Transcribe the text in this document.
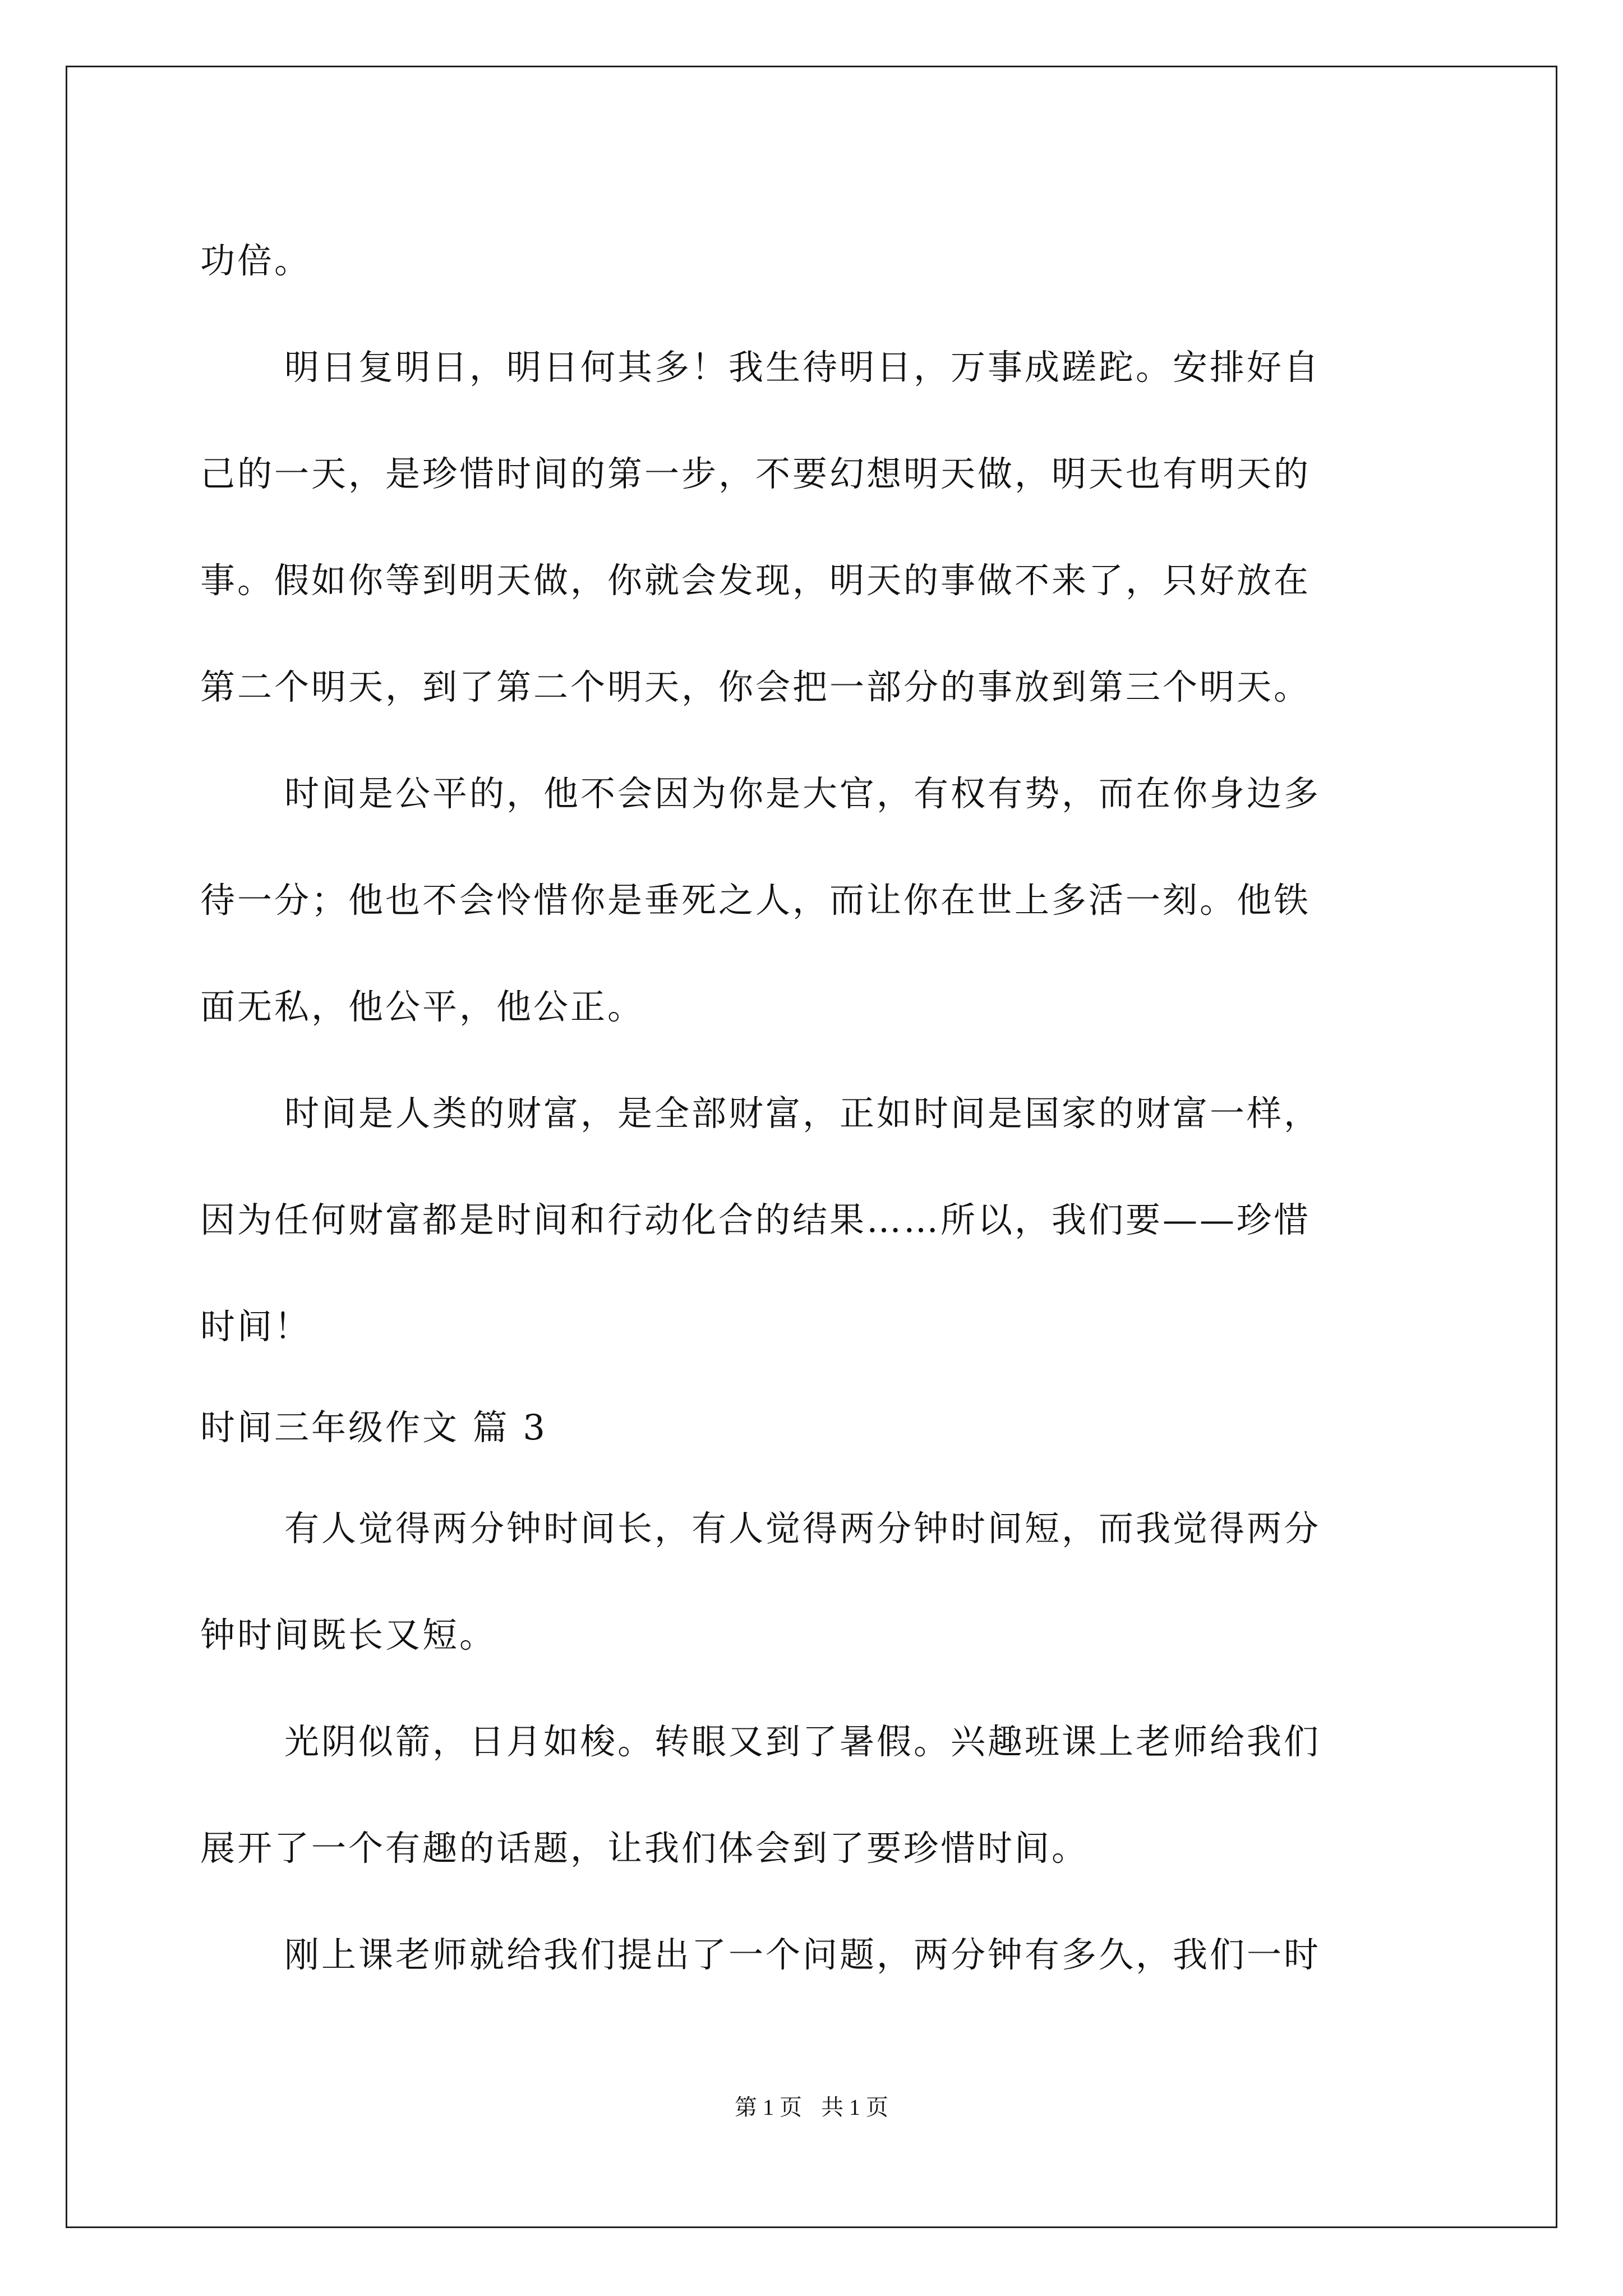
功倍。
明日复明日，明日何其多！我生待明日，万事成蹉跎。安排好自
己的一天，是珍惜时间的第一步，不要幻想明天做，明天也有明天的
事。假如你等到明天做，你就会发现，明天的事做不来了，只好放在
第二个明天，到了第二个明天，你会把一部分的事放到第三个明天。
时间是公平的，他不会因为你是大官，有权有势，而在你身边多
待一分；他也不会怜惜你是垂死之人，而让你在世上多活一刻。他铁
面无私，他公平，他公正。
时间是人类的财富，是全部财富，正如时间是国家的财富一样，
因为任何财富都是时间和行动化合的结果……所以，我们要——珍惜
时间！
时间三年级作文 篇 3
有人觉得两分钟时间长，有人觉得两分钟时间短，而我觉得两分
钟时间既长又短。
光阴似箭，日月如梭。转眼又到了暑假。兴趣班课上老师给我们
展开了一个有趣的话题，让我们体会到了要珍惜时间。
刚上课老师就给我们提出了一个问题，两分钟有多久，我们一时
第 1 页 共 1 页
